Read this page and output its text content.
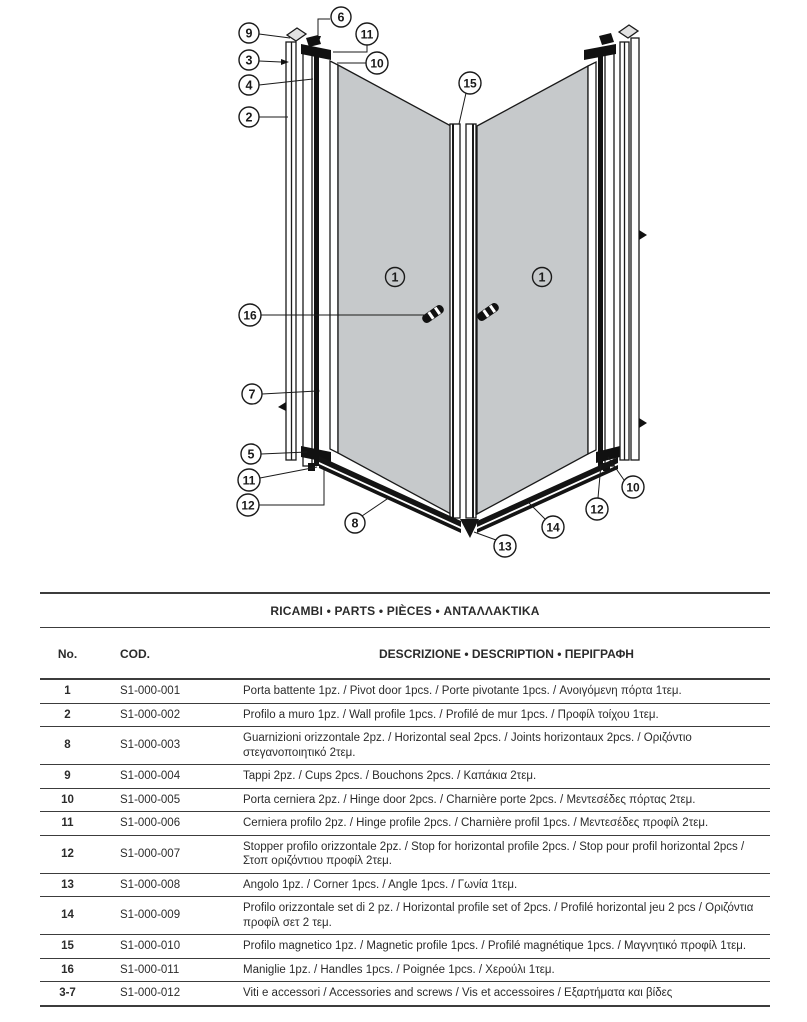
6
9
3
4
2
11
10
15
1	1
16
7
5
11
12
8
13
14
12
10
RICAMBI • PARTS • PIÈCES • ΑΝΤΑΛΛΑΚΤΙΚΑ
No.	COD.	DESCRIZIONE • DESCRIPTION • ΠΕΡΙΓΡΑΦΗ
1	S1-000-001	Porta battente 1pz. / Pivot door 1pcs. / Porte pivotante 1pcs. / Ανοιγόμενη πόρτα 1τεμ.
2	S1-000-002	Profilo a muro 1pz. / Wall profile 1pcs. / Profilé de mur 1pcs. / Προφίλ τοίχου 1τεμ.
8	S1-000-003	Guarnizioni orizzontale 2pz. / Horizontal seal 2pcs. / Joints horizontaux 2pcs. / Οριζόντιο στεγανοποιητικό 2τεμ.
9	S1-000-004	Tappi 2pz. / Cups 2pcs. / Bouchons 2pcs. / Καπάκια 2τεμ.
10	S1-000-005	Porta cerniera 2pz. / Hinge door 2pcs. / Charnière porte 2pcs. / Μεντεσέδες πόρτας 2τεμ.
11	S1-000-006	Cerniera profilo 2pz. / Hinge profile 2pcs. / Charnière profil 1pcs. / Μεντεσέδες προφίλ 2τεμ.
12	S1-000-007	Stopper profilo orizzontale 2pz. / Stop for horizontal profile 2pcs. / Stop pour profil horizontal 2pcs / Στοπ οριζόντιου προφίλ 2τεμ.
13	S1-000-008	Angolo 1pz. / Corner 1pcs. / Angle 1pcs. / Γωνία 1τεμ.
14	S1-000-009	Profilo orizzontale set di 2 pz. / Horizontal profile set of 2pcs. / Profilé horizontal jeu 2 pcs / Οριζόντια προφίλ σετ 2 τεμ.
15	S1-000-010	Profilo magnetico 1pz. / Magnetic profile 1pcs. / Profilé magnétique 1pcs. / Μαγνητικό προφίλ 1τεμ.
16	S1-000-011	Maniglie 1pz. / Handles 1pcs. / Poignée 1pcs. / Χερούλι 1τεμ.
3-7	S1-000-012	Viti e accessori / Accessories and screws / Vis et accessoires / Εξαρτήματα και βίδες
